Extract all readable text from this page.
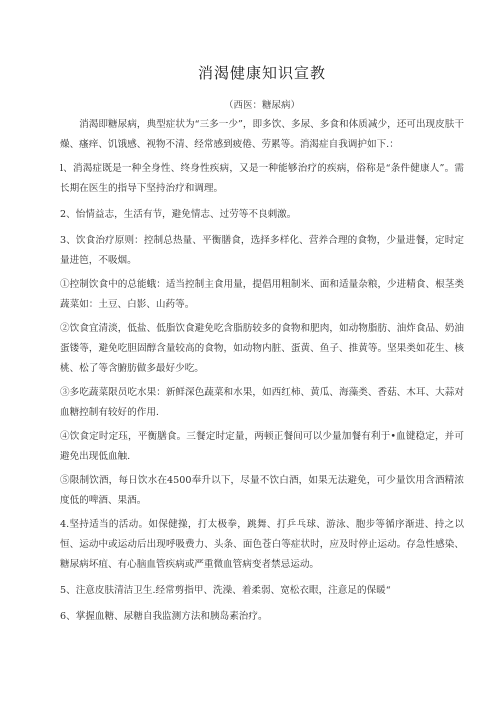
消渴健康知识宣教
（西医：糖尿病）

消渴即糖尿病，典型症状为“三多一少”，即多饮、多尿、多食和体质减少，还可出现皮肤干燥、瘙痒、饥饿感、视物不清、经常感到疲倦、劳累等。消渴症自我调护如下.：

l、消渴症既是一种全身性、终身性疾病，又是一种能够治疗的疾病，俗称是“条件健康人”。需长期在医生的指导下坚持治疗和调理。

2、怡情益志，生活有节，避免情志、过劳等不良刺激。

3、饮食治疗原则：控制总热量、平衡膳食，选择多样化、营养合理的食物，少量进餐，定时定量进笆，不吸烟。

①控制饮食中的总能蛾：适当控制主食用量，提倡用粗制米、面和适量杂粮，少进精食、根茎类蔬菜如：土豆、白影、山药等。

②饮食宜清淡，低盐、低脂饮食避免吃含脂肪较多的食物和肥肉，如动物脂肪、油炸食品、奶油蛋镂等，避免吃胆固醇含量较高的食物，如动物内脏、蛋黄、鱼子、推黄等。坚果类如花生、核桃、松了等含腑肪做多最好少吃。

③多吃蔬菜限员吃水果：新鲜深色蔬菜和水果，如西红柿、黄瓜、海藻类、香菇、木耳、大蒜对血糖控制有较好的作用.

④饮食定时定珏，平衡膳食。三餐定时定量，两顿正餐间可以少量加餐有利于•血键稳定，并可避免出现低血触.

⑤限制饮酒，每日饮水在4500奉升以下，尽量不饮白酒，如果无法避免，可少量饮用含酒精浓度低的啤酒、果酒。

4.坚持适当的活动。如保健操，打太极拳，跳舞、打乒乓球、游泳、胞步等循序渐进、持之以恒、运动中或运动后出现呼吸费力、头条、面色苍白等症状时，应及时停止运动。存急性感染、糖尿病坏疽、有心脑血管疾病或严重微血管病变者禁忌运动。

5、注意皮肤清洁卫生.经常剪指甲、洗澡、着柔弱、宽松衣眼，注意足的保暖“

6、掌握血糖、尿糖自我监测方法和胰岛素治疗。
